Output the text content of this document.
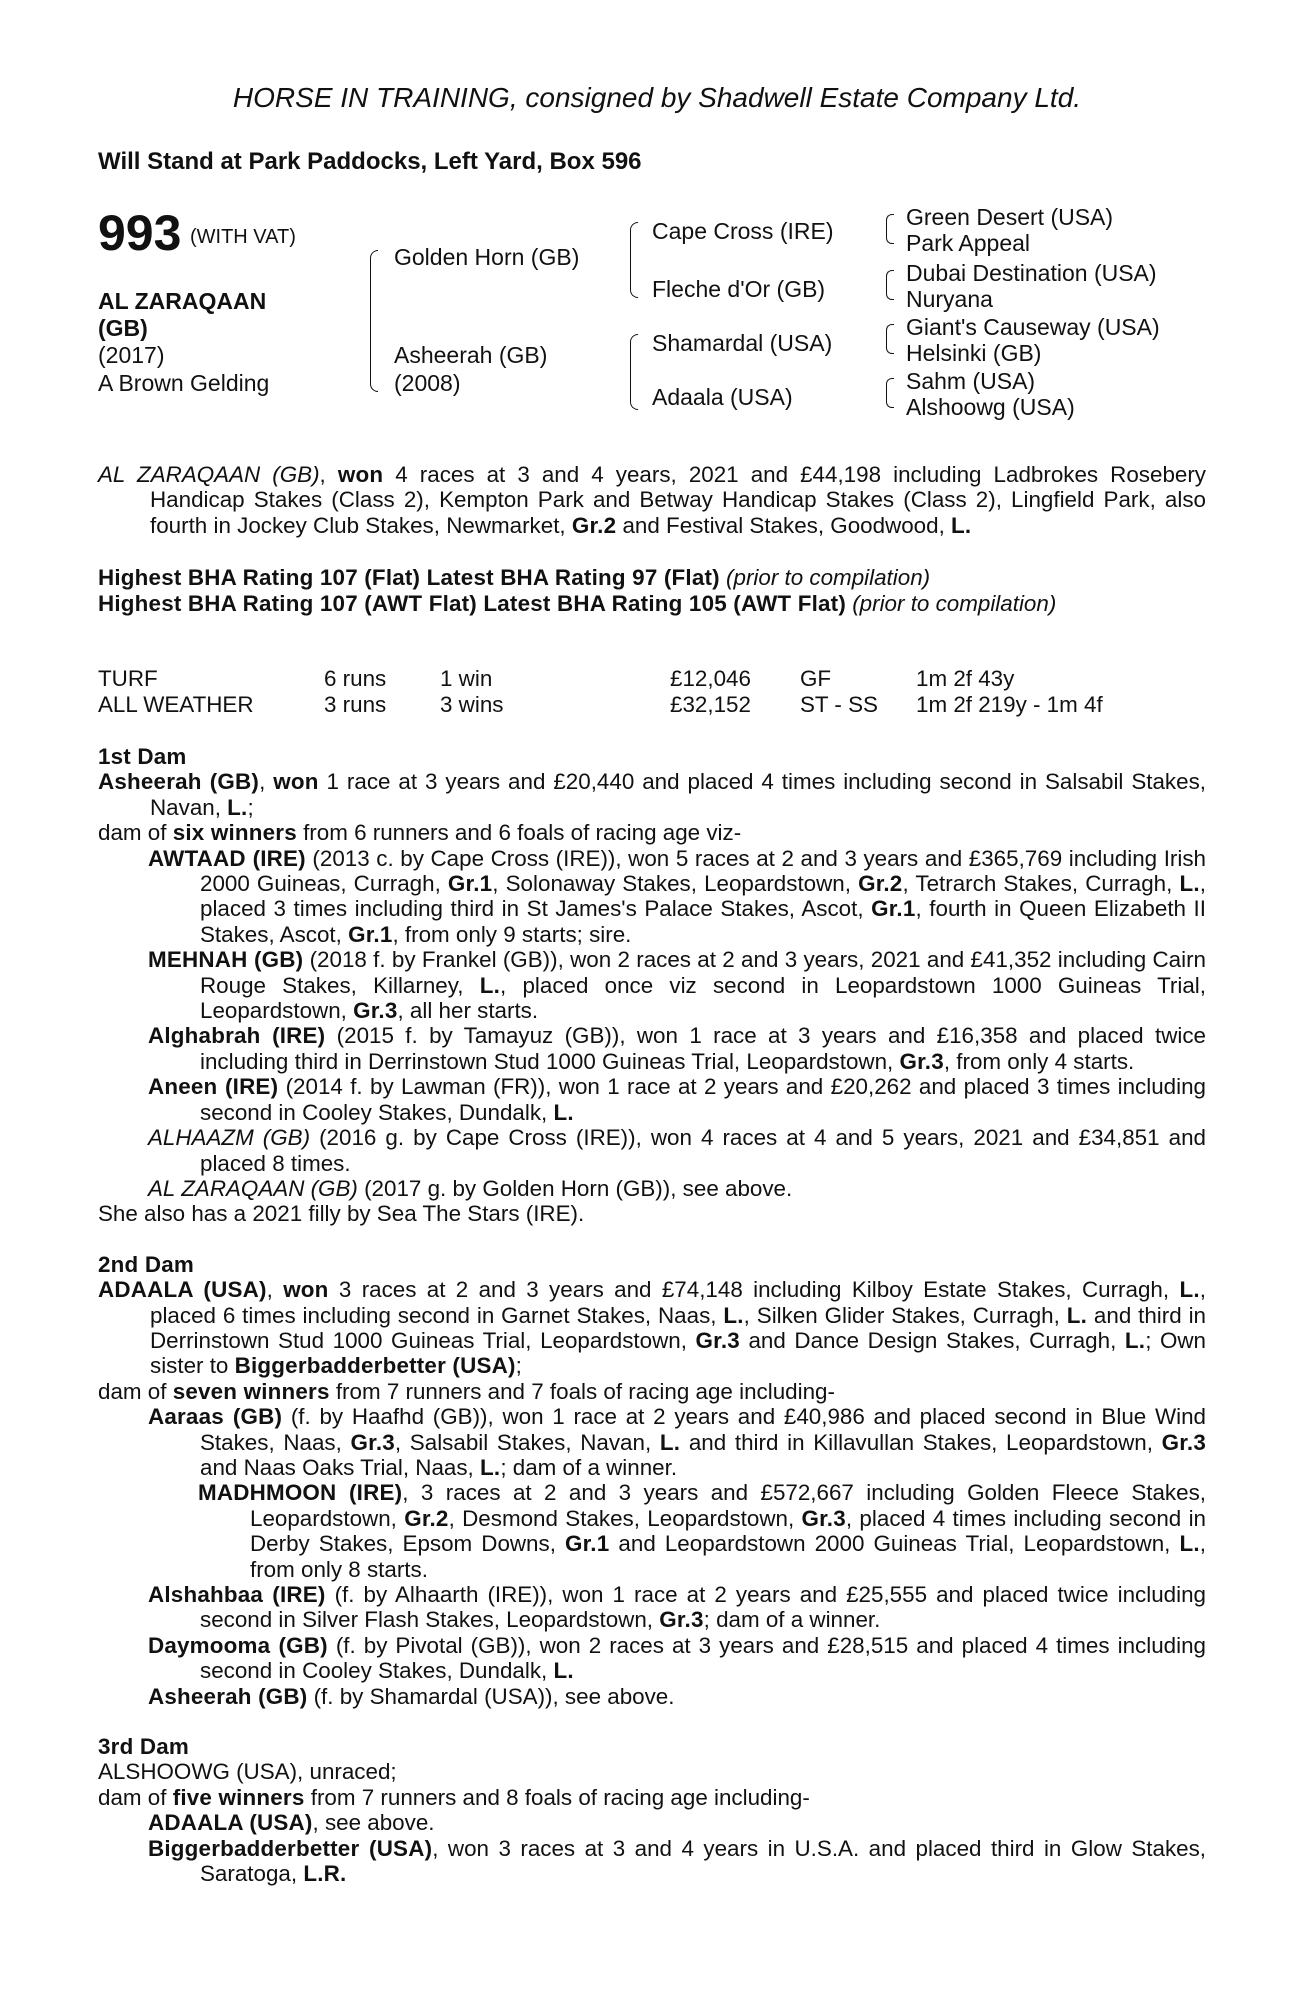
HORSE IN TRAINING, consigned by Shadwell Estate Company Ltd.
Will Stand at Park Paddocks, Left Yard, Box 596
993 (WITH VAT)
AL ZARAQAAN
(GB)
(2017)
A Brown Gelding
Golden Horn (GB)
Asheerah (GB)
(2008)
Cape Cross (IRE)
Fleche d'Or (GB)
Shamardal (USA)
Adaala (USA)
Green Desert (USA)
Park Appeal
Dubai Destination (USA)
Nuryana
Giant's Causeway (USA)
Helsinki (GB)
Sahm (USA)
Alshoowg (USA)

AL ZARAQAAN (GB), won 4 races at 3 and 4 years, 2021 and £44,198 including Ladbrokes Rosebery Handicap Stakes (Class 2), Kempton Park and Betway Handicap Stakes (Class 2), Lingfield Park, also fourth in Jockey Club Stakes, Newmarket, Gr.2 and Festival Stakes, Goodwood, L.

Highest BHA Rating 107 (Flat) Latest BHA Rating 97 (Flat) (prior to compilation)

Highest BHA Rating 107 (AWT Flat) Latest BHA Rating 105 (AWT Flat) (prior to compilation)

TURF	6 runs 1 win	£12,046 GF	1m 2f 43y
ALL WEATHER	3 runs 3 wins	£32,152 ST - SS 1m 2f 219y - 1m 4f

1st Dam

Asheerah (GB), won 1 race at 3 years and £20,440 and placed 4 times including second in Salsabil Stakes, Navan, L.;

dam of six winners from 6 runners and 6 foals of racing age viz-

AWTAAD (IRE) (2013 c. by Cape Cross (IRE)), won 5 races at 2 and 3 years and £365,769 including Irish 2000 Guineas, Curragh, Gr.1, Solonaway Stakes, Leopardstown, Gr.2, Tetrarch Stakes, Curragh, L., placed 3 times including third in St James's Palace Stakes, Ascot, Gr.1, fourth in Queen Elizabeth II Stakes, Ascot, Gr.1, from only 9 starts; sire.

MEHNAH (GB) (2018 f. by Frankel (GB)), won 2 races at 2 and 3 years, 2021 and £41,352 including Cairn Rouge Stakes, Killarney, L., placed once viz second in Leopardstown 1000 Guineas Trial, Leopardstown, Gr.3, all her starts.

Alghabrah (IRE) (2015 f. by Tamayuz (GB)), won 1 race at 3 years and £16,358 and placed twice including third in Derrinstown Stud 1000 Guineas Trial, Leopardstown, Gr.3, from only 4 starts.

Aneen (IRE) (2014 f. by Lawman (FR)), won 1 race at 2 years and £20,262 and placed 3 times including second in Cooley Stakes, Dundalk, L.

ALHAAZM (GB) (2016 g. by Cape Cross (IRE)), won 4 races at 4 and 5 years, 2021 and £34,851 and placed 8 times.

AL ZARAQAAN (GB) (2017 g. by Golden Horn (GB)), see above.

She also has a 2021 filly by Sea The Stars (IRE).

2nd Dam

ADAALA (USA), won 3 races at 2 and 3 years and £74,148 including Kilboy Estate Stakes, Curragh, L., placed 6 times including second in Garnet Stakes, Naas, L., Silken Glider Stakes, Curragh, L. and third in Derrinstown Stud 1000 Guineas Trial, Leopardstown, Gr.3 and Dance Design Stakes, Curragh, L.; Own sister to Biggerbadderbetter (USA);

dam of seven winners from 7 runners and 7 foals of racing age including-

Aaraas (GB) (f. by Haafhd (GB)), won 1 race at 2 years and £40,986 and placed second in Blue Wind Stakes, Naas, Gr.3, Salsabil Stakes, Navan, L. and third in Killavullan Stakes, Leopardstown, Gr.3 and Naas Oaks Trial, Naas, L.; dam of a winner.

MADHMOON (IRE), 3 races at 2 and 3 years and £572,667 including Golden Fleece Stakes, Leopardstown, Gr.2, Desmond Stakes, Leopardstown, Gr.3, placed 4 times including second in Derby Stakes, Epsom Downs, Gr.1 and Leopardstown 2000 Guineas Trial, Leopardstown, L., from only 8 starts.

Alshahbaa (IRE) (f. by Alhaarth (IRE)), won 1 race at 2 years and £25,555 and placed twice including second in Silver Flash Stakes, Leopardstown, Gr.3; dam of a winner.

Daymooma (GB) (f. by Pivotal (GB)), won 2 races at 3 years and £28,515 and placed 4 times including second in Cooley Stakes, Dundalk, L.

Asheerah (GB) (f. by Shamardal (USA)), see above.

3rd Dam

ALSHOOWG (USA), unraced;

dam of five winners from 7 runners and 8 foals of racing age including-

ADAALA (USA), see above.

Biggerbadderbetter (USA), won 3 races at 3 and 4 years in U.S.A. and placed third in Glow Stakes, Saratoga, L.R.
